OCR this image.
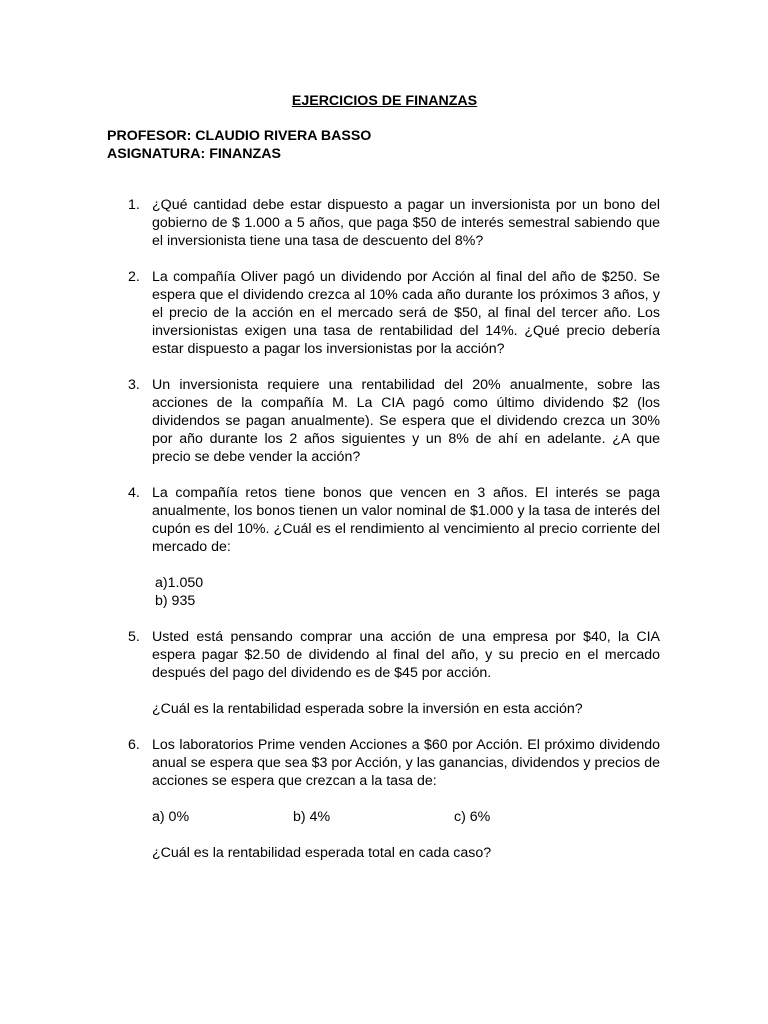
EJERCICIOS DE FINANZAS

PROFESOR: CLAUDIO RIVERA BASSO

ASIGNATURA: FINANZAS

1. ¿Qué cantidad debe estar dispuesto a pagar un inversionista por un bono del gobierno de $ 1.000 a 5 años, que paga $50 de interés semestral sabiendo que el inversionista tiene una tasa de descuento del 8%?

2. La compañía Oliver pagó un dividendo por Acción al final del año de $250. Se espera que el dividendo crezca al 10% cada año durante los próximos 3 años, y el precio de la acción en el mercado será de $50, al final del tercer año. Los inversionistas exigen una tasa de rentabilidad del 14%. ¿Qué precio debería estar dispuesto a pagar los inversionistas por la acción?

3. Un inversionista requiere una rentabilidad del 20% anualmente, sobre las acciones de la compañía M. La CIA pagó como último dividendo $2 (los dividendos se pagan anualmente). Se espera que el dividendo crezca un 30% por año durante los 2 años siguientes y un 8% de ahí en adelante. ¿A que precio se debe vender la acción?

4. La compañía retos tiene bonos que vencen en 3 años. El interés se paga anualmente, los bonos tienen un valor nominal de $1.000 y la tasa de interés del cupón es del 10%. ¿Cuál es el rendimiento al vencimiento al precio corriente del mercado de:

a)1.050
b) 935
5. Usted está pensando comprar una acción de una empresa por $40, la CIA espera pagar $2.50 de dividendo al final del año, y su precio en el mercado después del pago del dividendo es de $45 por acción.

¿Cuál es la rentabilidad esperada sobre la inversión en esta acción?

6. Los laboratorios Prime venden Acciones a $60 por Acción. El próximo dividendo anual se espera que sea $3 por Acción, y las ganancias, dividendos y precios de acciones se espera que crezcan a la tasa de:

a) 0%	b) 4%	c) 6%

¿Cuál es la rentabilidad esperada total en cada caso?
